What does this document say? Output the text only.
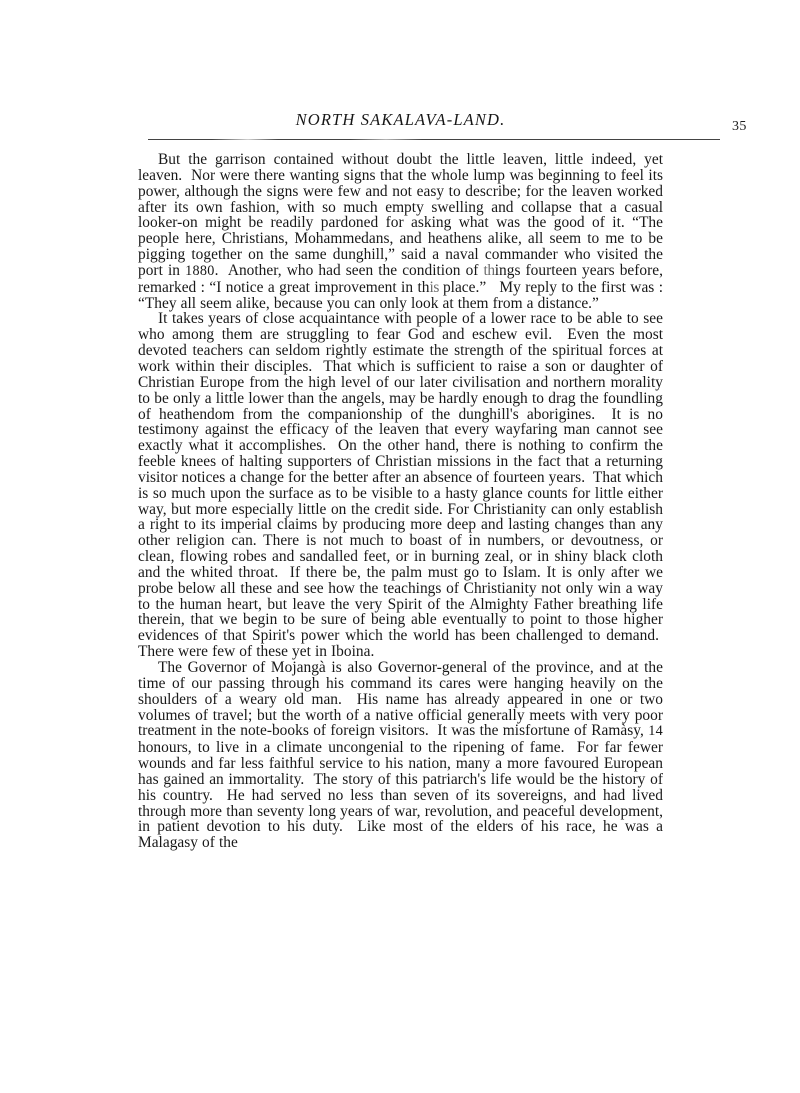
NORTH SAKALAVA-LAND.	35

But the garrison contained without doubt the little leaven, little indeed, yet leaven.  Nor were there wanting signs that the whole lump was beginning to feel its power, although the signs were few and not easy to describe; for the leaven worked after its own fashion, with so much empty swelling and collapse that a casual looker-on might be readily pardoned for asking what was the good of it. “The people here, Christians, Mohammedans, and heathens alike, all seem to me to be pigging together on the same dunghill,” said a naval commander who visited the port in 1880.  Another, who had seen the condition of things fourteen years before, remarked : “I notice a great improvement in this place.”   My reply to the first was : “They all seem alike, because you can only look at them from a distance.”

It takes years of close acquaintance with people of a lower race to be able to see who among them are struggling to fear God and eschew evil.  Even the most devoted teachers can seldom rightly estimate the strength of the spiritual forces at work within their disciples.  That which is sufficient to raise a son or daughter of Christian Europe from the high level of our later civilisation and northern morality to be only a little lower than the angels, may be hardly enough to drag the foundling of heathendom from the companionship of the dunghill's aborigines.  It is no testimony against the efficacy of the leaven that every wayfaring man cannot see exactly what it accomplishes.  On the other hand, there is nothing to confirm the feeble knees of halting supporters of Christian missions in the fact that a returning visitor notices a change for the better after an absence of fourteen years.  That which is so much upon the surface as to be visible to a hasty glance counts for little either way, but more especially little on the credit side. For Christianity can only establish a right to its imperial claims by producing more deep and lasting changes than any other religion can. There is not much to boast of in numbers, or devoutness, or clean, flowing robes and sandalled feet, or in burning zeal, or in shiny black cloth and the whited throat.  If there be, the palm must go to Islam. It is only after we probe below all these and see how the teachings of Christianity not only win a way to the human heart, but leave the very Spirit of the Almighty Father breathing life therein, that we begin to be sure of being able eventually to point to those higher evidences of that Spirit's power which the world has been challenged to demand.  There were few of these yet in Iboina.

The Governor of Mojangà is also Governor-general of the province, and at the time of our passing through his command its cares were hanging heavily on the shoulders of a weary old man.  His name has already appeared in one or two volumes of travel; but the worth of a native official generally meets with very poor treatment in the note-books of foreign visitors.  It was the misfortune of Ramàsy, 14 honours, to live in a climate uncongenial to the ripening of fame.  For far fewer wounds and far less faithful service to his nation, many a more favoured European has gained an immortality.  The story of this patriarch's life would be the history of his country.  He had served no less than seven of its sovereigns, and had lived through more than seventy long years of war, revolution, and peaceful development, in patient devotion to his duty.  Like most of the elders of his race, he was a Malagasy of the
